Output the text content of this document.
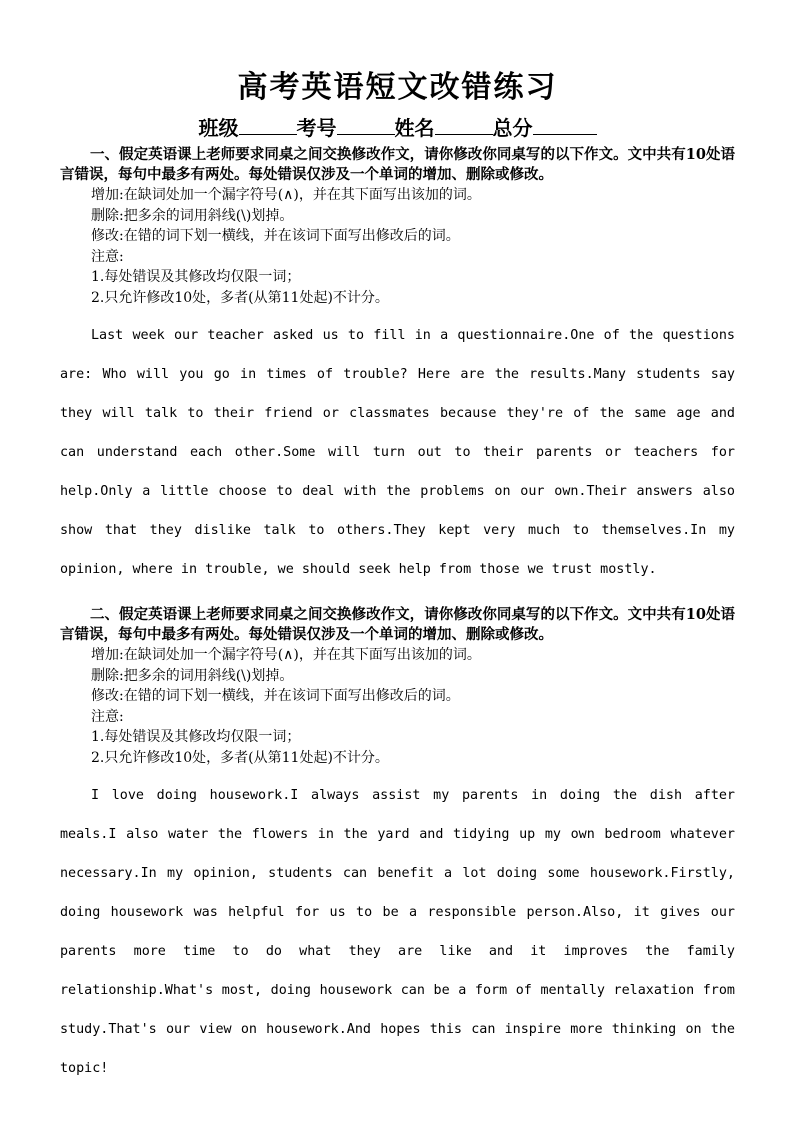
高考英语短文改错练习
班级	考号	姓名	总分

一、假定英语课上老师要求同桌之间交换修改作文，请你修改你同桌写的以下作文。文中共有10处语言错误，每句中最多有两处。每处错误仅涉及一个单词的增加、删除或修改。

增加:在缺词处加一个漏字符号(∧)，并在其下面写出该加的词。

删除:把多余的词用斜线(\)划掉。

修改:在错的词下划一横线，并在该词下面写出修改后的词。

注意:

1.每处错误及其修改均仅限一词；

2.只允许修改10处，多者(从第11处起)不计分。

Last week our teacher asked us to fill in a questionnaire.One of the questions are: Who will you go in times of trouble? Here are the results.Many students say they will talk to their friend or classmates because they're of the same age and can understand each other.Some will turn out to their parents or teachers for help.Only a little choose to deal with the problems on our own.Their answers also show that they dislike talk to others.They kept very much to themselves.In my opinion, where in trouble, we should seek help from those we trust mostly.

二、假定英语课上老师要求同桌之间交换修改作文，请你修改你同桌写的以下作文。文中共有10处语言错误，每句中最多有两处。每处错误仅涉及一个单词的增加、删除或修改。

增加:在缺词处加一个漏字符号(∧)，并在其下面写出该加的词。

删除:把多余的词用斜线(\)划掉。

修改:在错的词下划一横线，并在该词下面写出修改后的词。

注意:

1.每处错误及其修改均仅限一词；

2.只允许修改10处，多者(从第11处起)不计分。

I love doing housework.I always assist my parents in doing the dish after meals.I also water the flowers in the yard and tidying up my own bedroom whatever necessary.In my opinion, students can benefit a lot doing some housework.Firstly, doing housework was helpful for us to be a responsible person.Also, it gives our parents more time to do what they are like and it improves the family relationship.What's most, doing housework can be a form of mentally relaxation from study.That's our view on housework.And hopes this can inspire more thinking on the topic!
